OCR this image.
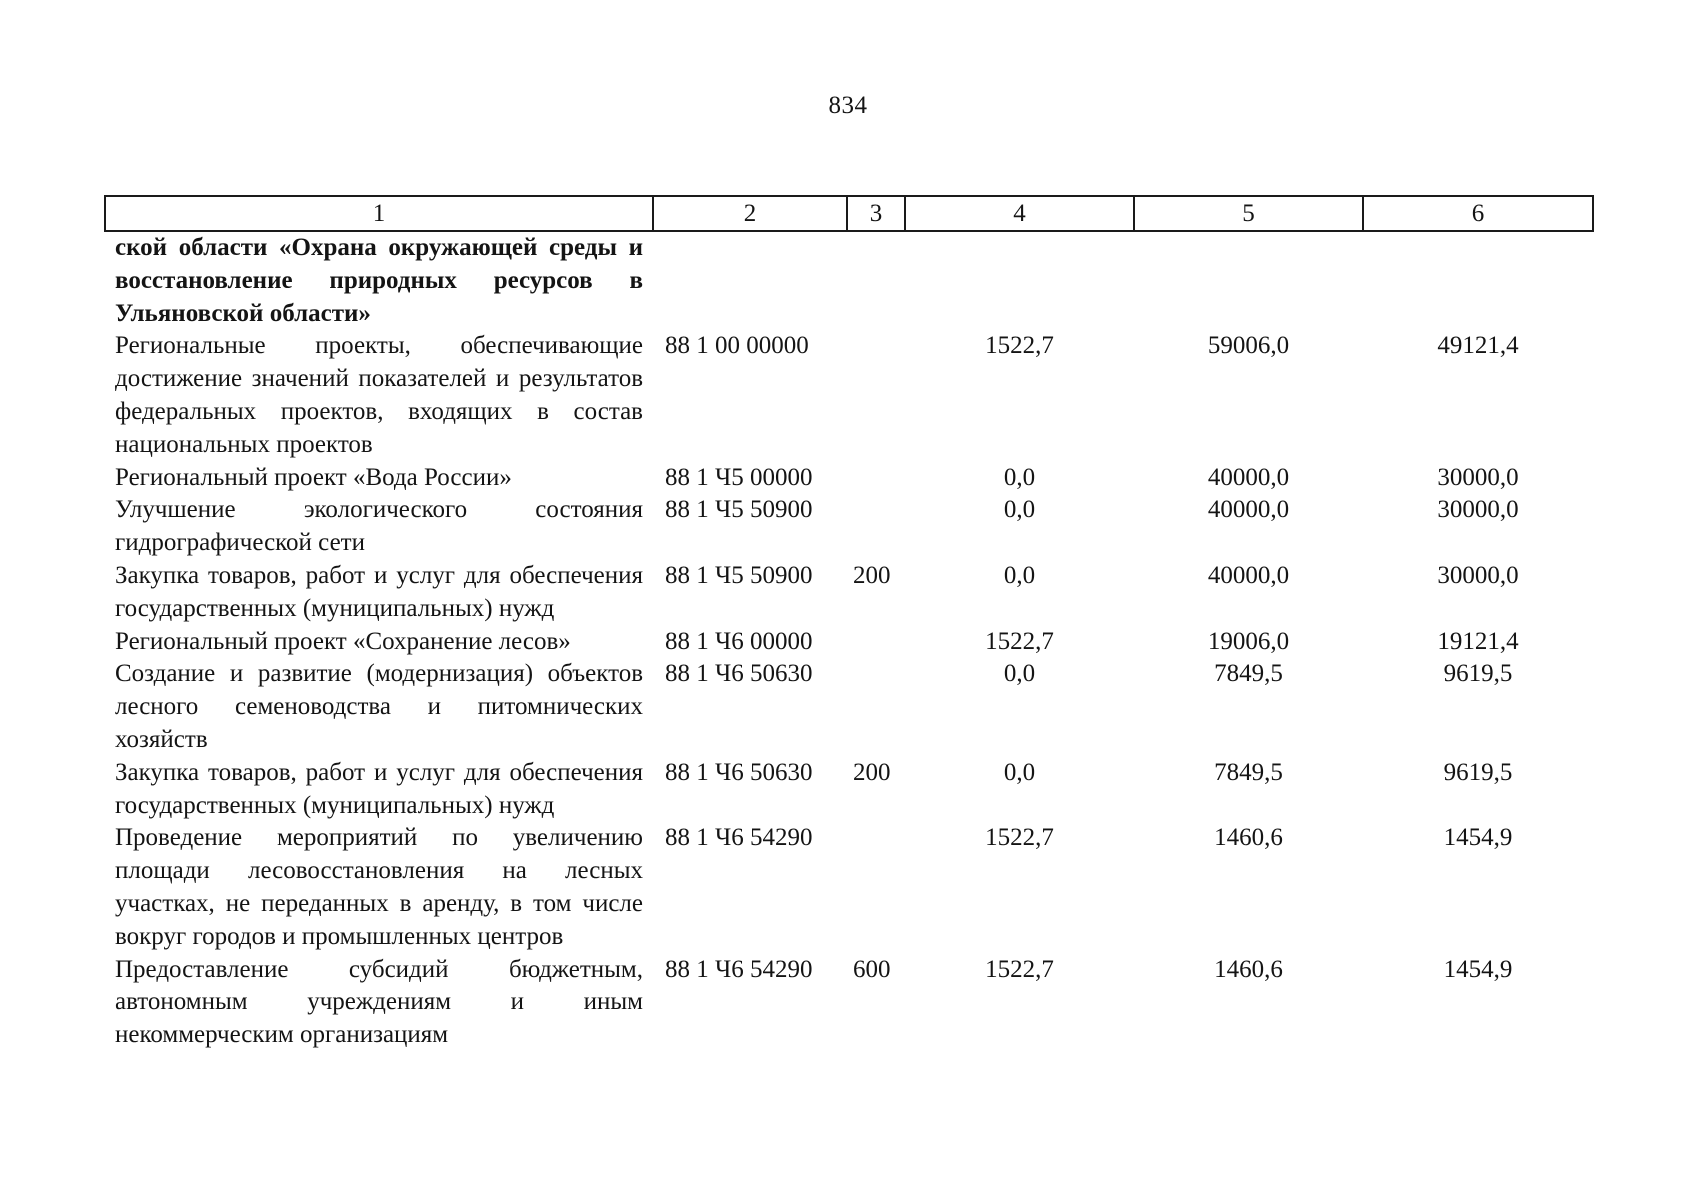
834
1	2	3	4	5	6
ской области «Охрана окружающей среды и восстановление природных ресурсов в Ульяновской области»					
Региональные проекты, обеспечивающие достижение значений показателей и результатов федеральных проектов, входящих в состав национальных проектов	88 1 00 00000		1522,7	59006,0	49121,4
Региональный проект «Вода России»	88 1 Ч5 00000		0,0	40000,0	30000,0
Улучшение экологического состояния гидрографической сети	88 1 Ч5 50900		0,0	40000,0	30000,0
Закупка товаров, работ и услуг для обеспечения государственных (муниципальных) нужд	88 1 Ч5 50900	200	0,0	40000,0	30000,0
Региональный проект «Сохранение лесов»	88 1 Ч6 00000		1522,7	19006,0	19121,4
Создание и развитие (модернизация) объектов лесного семеноводства и питомнических хозяйств	88 1 Ч6 50630		0,0	7849,5	9619,5
Закупка товаров, работ и услуг для обеспечения государственных (муниципальных) нужд	88 1 Ч6 50630	200	0,0	7849,5	9619,5
Проведение мероприятий по увеличению площади лесовосстановления на лесных участках, не переданных в аренду, в том числе вокруг городов и промышленных центров	88 1 Ч6 54290		1522,7	1460,6	1454,9
Предоставление субсидий бюджетным, автономным учреждениям и иным некоммерческим организациям	88 1 Ч6 54290	600	1522,7	1460,6	1454,9
